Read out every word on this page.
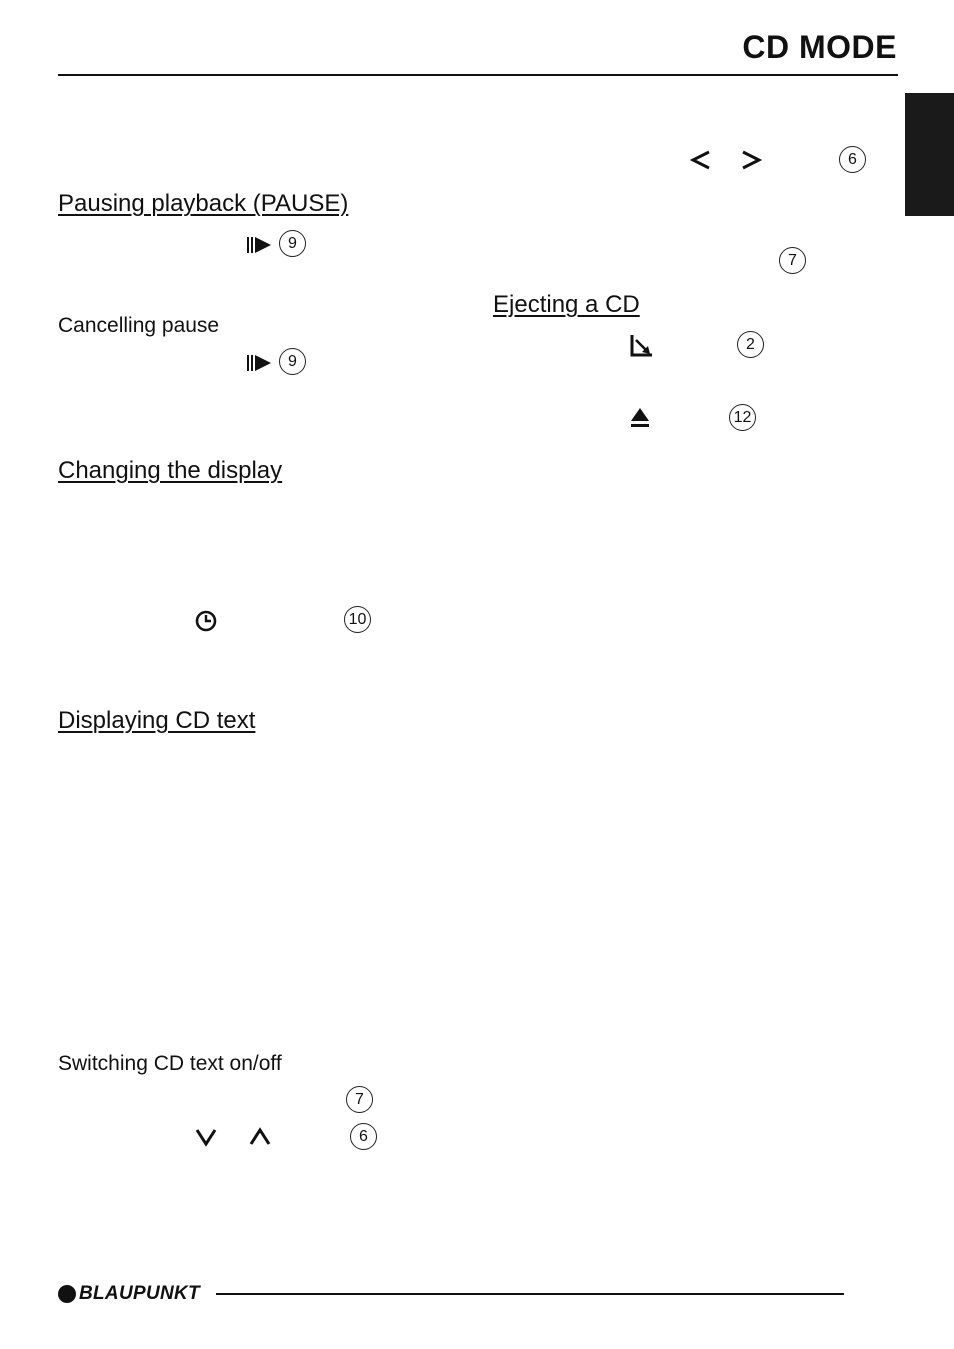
CD MODE
Pausing playback (PAUSE)
9
Cancelling pause
9
Changing the display
10
Displaying CD text
Switching CD text on/off
7
6
6
7
Ejecting a CD
2
12
BLAUPUNKT
